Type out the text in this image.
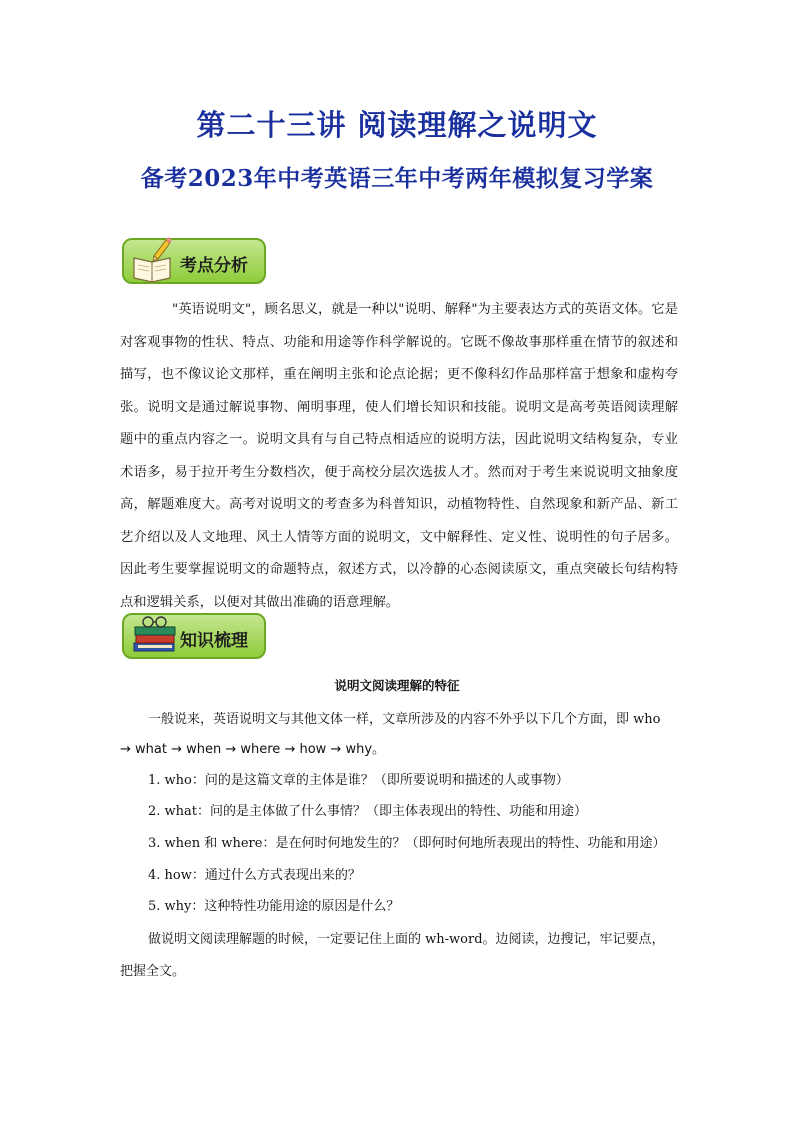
第二十三讲 阅读理解之说明文
备考2023年中考英语三年中考两年模拟复习学案
考点分析
"英语说明文"，顾名思义，就是一种以"说明、解释"为主要表达方式的英语文体。它是对客观事物的性状、特点、功能和用途等作科学解说的。它既不像故事那样重在情节的叙述和描写，也不像议论文那样，重在阐明主张和论点论据；更不像科幻作品那样富于想象和虚构夸张。说明文是通过解说事物、阐明事理，使人们增长知识和技能。说明文是高考英语阅读理解题中的重点内容之一。说明文具有与自己特点相适应的说明方法，因此说明文结构复杂，专业术语多，易于拉开考生分数档次，便于高校分层次选拔人才。然而对于考生来说说明文抽象度高，解题难度大。高考对说明文的考查多为科普知识，动植物特性、自然现象和新产品、新工艺介绍以及人文地理、风土人情等方面的说明文，文中解释性、定义性、说明性的句子居多。因此考生要掌握说明文的命题特点，叙述方式，以冷静的心态阅读原文，重点突破长句结构特点和逻辑关系，以便对其做出准确的语意理解。
知识梳理
说明文阅读理解的特征
一般说来，英语说明文与其他文体一样，文章所涉及的内容不外乎以下几个方面，即 who
→ what → when → where → how → why。
1. who：问的是这篇文章的主体是谁？（即所要说明和描述的人或事物）
2. what：问的是主体做了什么事情？（即主体表现出的特性、功能和用途）
3. when 和 where：是在何时何地发生的？（即何时何地所表现出的特性、功能和用途）
4. how：通过什么方式表现出来的？
5. why：这种特性功能用途的原因是什么？
做说明文阅读理解题的时候，一定要记住上面的 wh-word。边阅读，边搜记，牢记要点，
把握全文。
